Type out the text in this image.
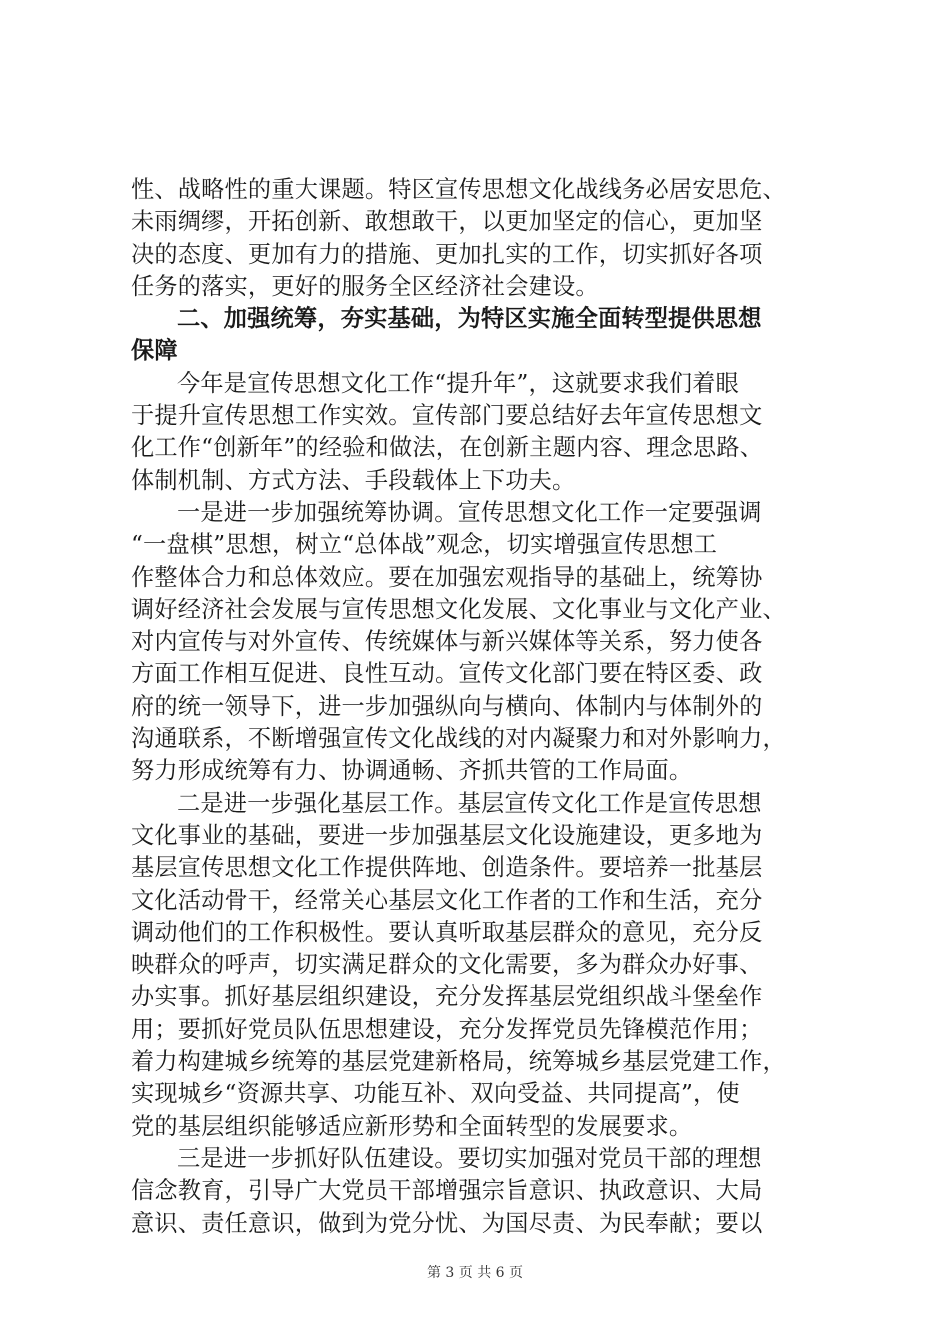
性、战略性的重大课题。特区宣传思想文化战线务必居安思危、
未雨绸缪，开拓创新、敢想敢干，以更加坚定的信心，更加坚
决的态度、更加有力的措施、更加扎实的工作，切实抓好各项
任务的落实，更好的服务全区经济社会建设。
二、加强统筹，夯实基础，为特区实施全面转型提供思想
保障
今年是宣传思想文化工作“提升年”，这就要求我们着眼
于提升宣传思想工作实效。宣传部门要总结好去年宣传思想文
化工作“创新年”的经验和做法，在创新主题内容、理念思路、
体制机制、方式方法、手段载体上下功夫。
一是进一步加强统筹协调。宣传思想文化工作一定要强调
“一盘棋”思想，树立“总体战”观念，切实增强宣传思想工
作整体合力和总体效应。要在加强宏观指导的基础上，统筹协
调好经济社会发展与宣传思想文化发展、文化事业与文化产业、
对内宣传与对外宣传、传统媒体与新兴媒体等关系，努力使各
方面工作相互促进、良性互动。宣传文化部门要在特区委、政
府的统一领导下，进一步加强纵向与横向、体制内与体制外的
沟通联系，不断增强宣传文化战线的对内凝聚力和对外影响力，
努力形成统筹有力、协调通畅、齐抓共管的工作局面。
二是进一步强化基层工作。基层宣传文化工作是宣传思想
文化事业的基础，要进一步加强基层文化设施建设，更多地为
基层宣传思想文化工作提供阵地、创造条件。要培养一批基层
文化活动骨干，经常关心基层文化工作者的工作和生活，充分
调动他们的工作积极性。要认真听取基层群众的意见，充分反
映群众的呼声，切实满足群众的文化需要，多为群众办好事、
办实事。抓好基层组织建设，充分发挥基层党组织战斗堡垒作
用；要抓好党员队伍思想建设，充分发挥党员先锋模范作用；
着力构建城乡统筹的基层党建新格局，统筹城乡基层党建工作，
实现城乡“资源共享、功能互补、双向受益、共同提高”，使
党的基层组织能够适应新形势和全面转型的发展要求。
三是进一步抓好队伍建设。要切实加强对党员干部的理想
信念教育，引导广大党员干部增强宗旨意识、执政意识、大局
意识、责任意识，做到为党分忧、为国尽责、为民奉献；要以
第 3 页 共 6 页
